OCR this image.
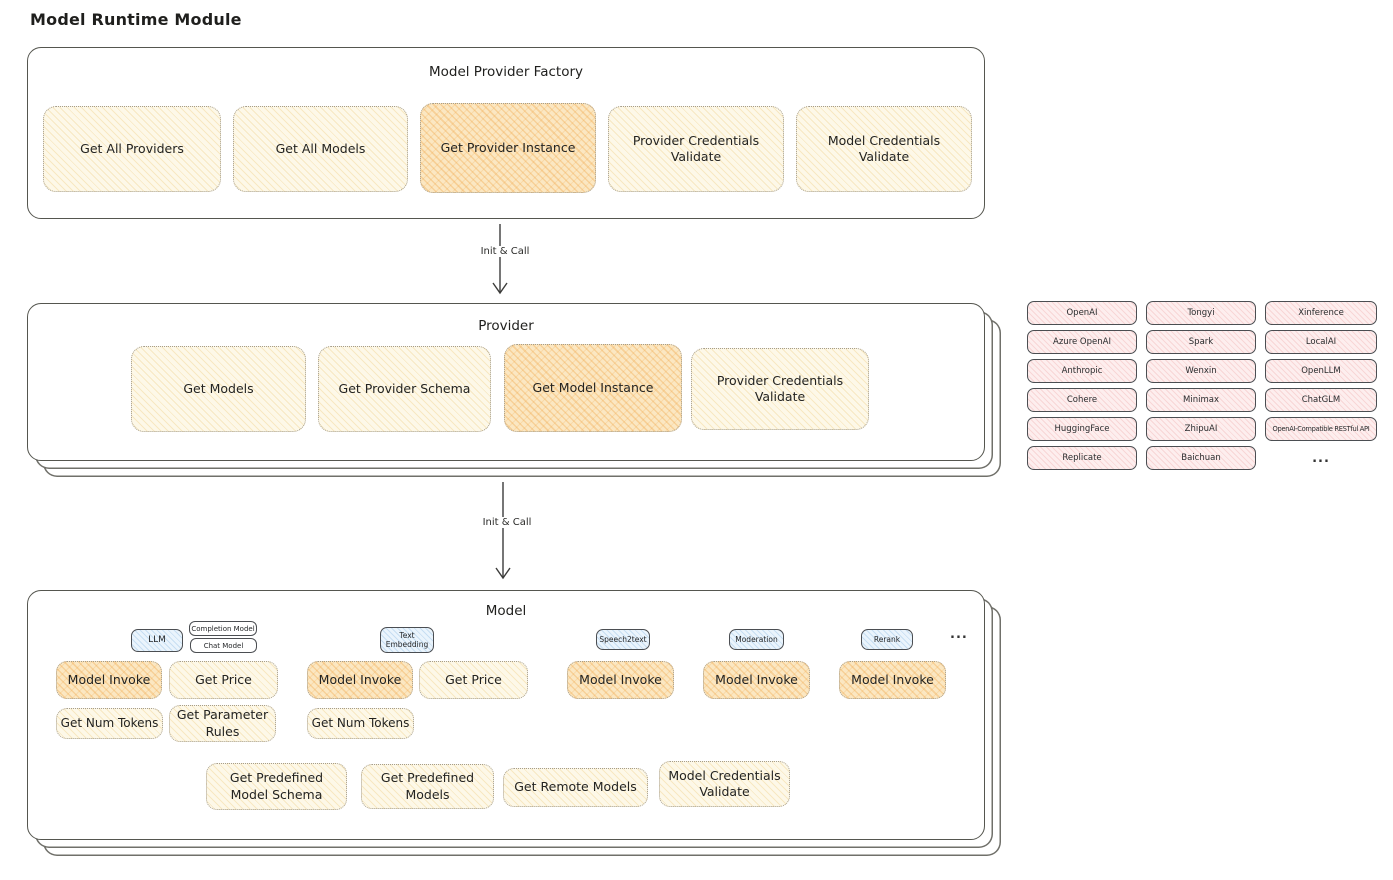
Model Runtime Module
Model Provider Factory
Get All Providers	Get All Models	Get Provider Instance	Provider Credentials Validate
Model Credentials Validate
Init & Call
Provider
Get Models	Get Provider Schema	Get Model Instance	Provider Credentials Validate
OpenAI	Tongyi	Xinference
Azure OpenAI	Spark	LocalAI
Anthropic	Wenxin	OpenLLM
Cohere	Minimax	ChatGLM
HuggingFace	ZhipuAI	OpenAI-Compatible RESTful API
Replicate	Baichuan	...
Init & Call
Model
LLM
Completion Model
Chat Model
Text Embedding
Speech2text	Moderation	Rerank	...
Model Invoke	Get Price	Model Invoke	Get Price	Model Invoke	Model Invoke	Model Invoke
Get Num Tokens
Get Parameter Rules
Get Num Tokens
Get Predefined Model Schema
Get Predefined Models	Get Remote Models
Model Credentials Validate
